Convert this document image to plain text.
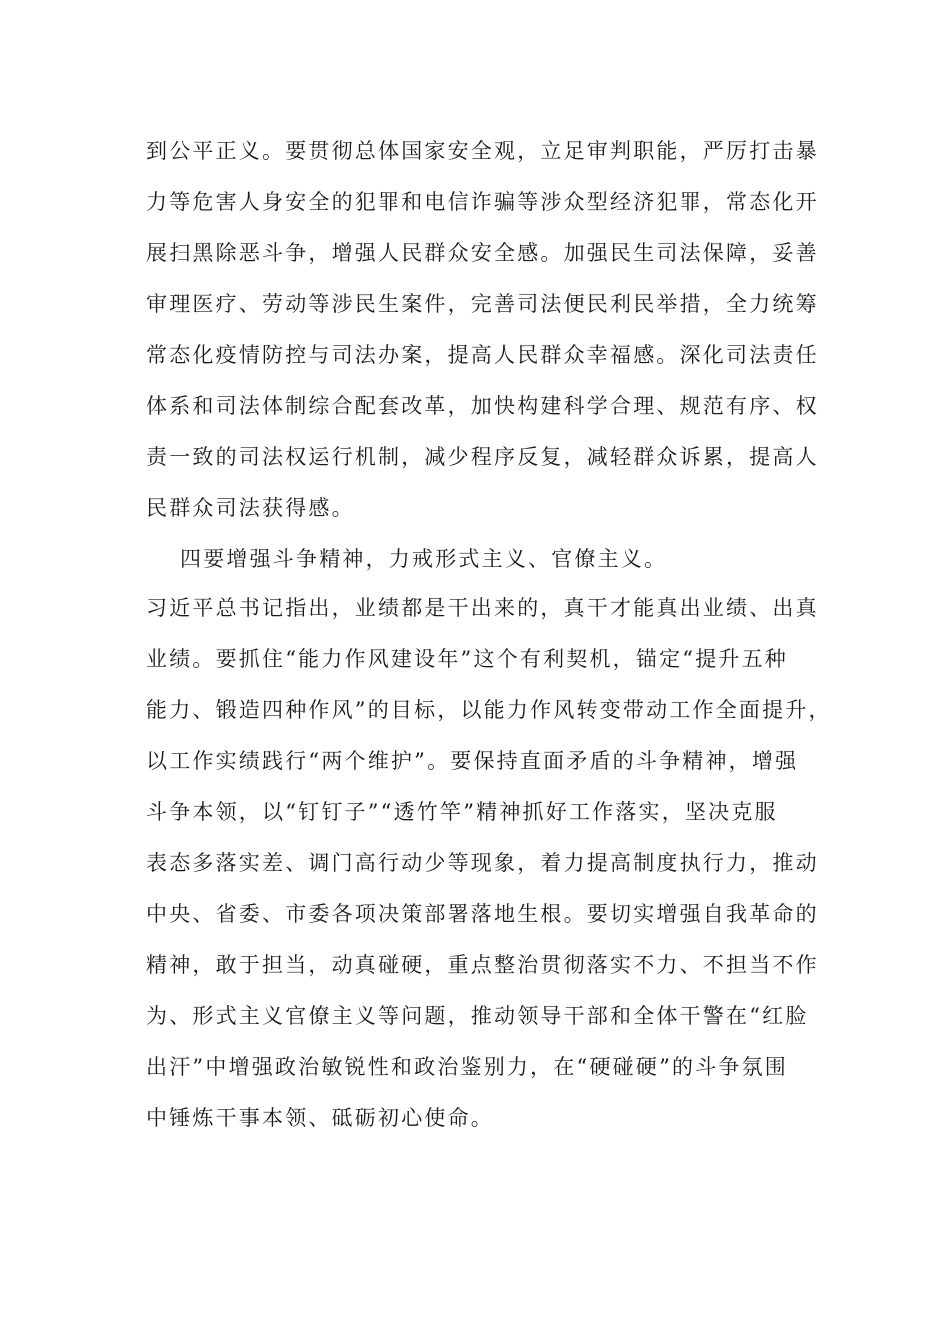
到公平正义。要贯彻总体国家安全观，立足审判职能，严厉打击暴
力等危害人身安全的犯罪和电信诈骗等涉众型经济犯罪，常态化开
展扫黑除恶斗争，增强人民群众安全感。加强民生司法保障，妥善
审理医疗、劳动等涉民生案件，完善司法便民利民举措，全力统筹
常态化疫情防控与司法办案，提高人民群众幸福感。深化司法责任
体系和司法体制综合配套改革，加快构建科学合理、规范有序、权
责一致的司法权运行机制，减少程序反复，减轻群众诉累，提高人
民群众司法获得感。
四要增强斗争精神，力戒形式主义、官僚主义。
习近平总书记指出，业绩都是干出来的，真干才能真出业绩、出真
业绩。要抓住“能力作风建设年”这个有利契机，锚定“提升五种
能力、锻造四种作风”的目标，以能力作风转变带动工作全面提升，
以工作实绩践行“两个维护”。要保持直面矛盾的斗争精神，增强
斗争本领，以“钉钉子”“透竹竿”精神抓好工作落实，坚决克服
表态多落实差、调门高行动少等现象，着力提高制度执行力，推动
中央、省委、市委各项决策部署落地生根。要切实增强自我革命的
精神，敢于担当，动真碰硬，重点整治贯彻落实不力、不担当不作
为、形式主义官僚主义等问题，推动领导干部和全体干警在“红脸
出汗”中增强政治敏锐性和政治鉴别力，在“硬碰硬”的斗争氛围
中锤炼干事本领、砥砺初心使命。
